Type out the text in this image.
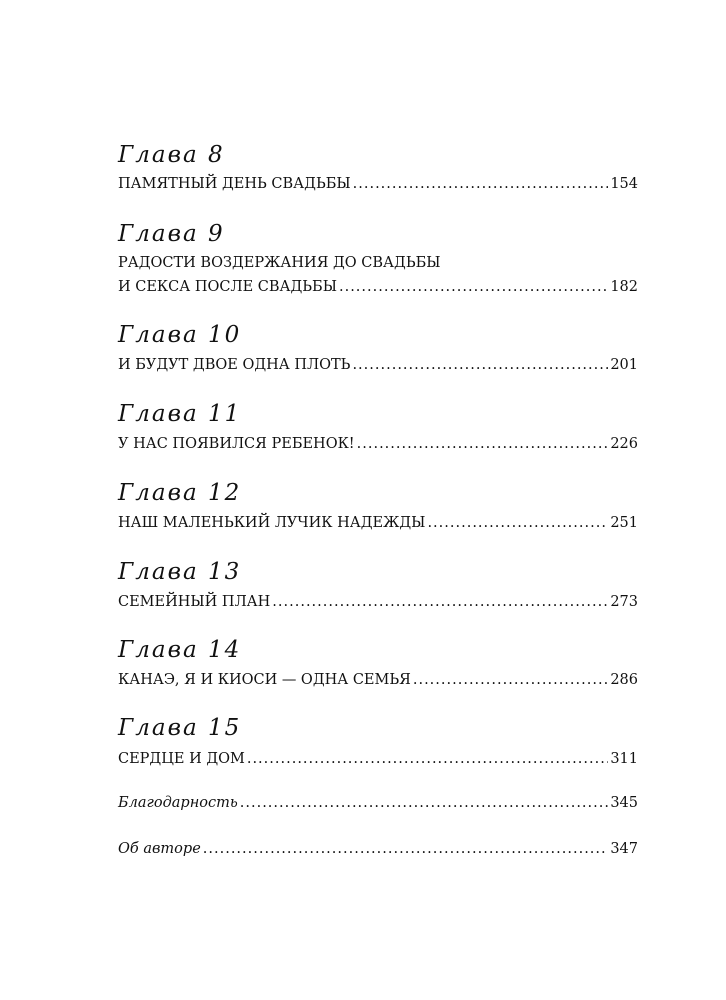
Глава 8
ПАМЯТНЫЙ ДЕНЬ СВАДЬБЫ .....	154
Глава 9
РАДОСТИ ВОЗДЕРЖАНИЯ ДО СВАДЬБЫ
И СЕКСА ПОСЛЕ СВАДЬБЫ .....	182
Глава 10
И БУДУТ ДВОЕ ОДНА ПЛОТЬ .....	201
Глава 11
У НАС ПОЯВИЛСЯ РЕБЕНОК! .....	226
Глава 12
НАШ МАЛЕНЬКИЙ ЛУЧИК НАДЕЖДЫ .....	251
Глава 13
СЕМЕЙНЫЙ ПЛАН .....	273
Глава 14
КАНАЭ, Я И КИОСИ — ОДНА СЕМЬЯ .....	286
Глава 15
СЕРДЦЕ И ДОМ .....	311
Благодарность .....	345
Об авторе .....	347
